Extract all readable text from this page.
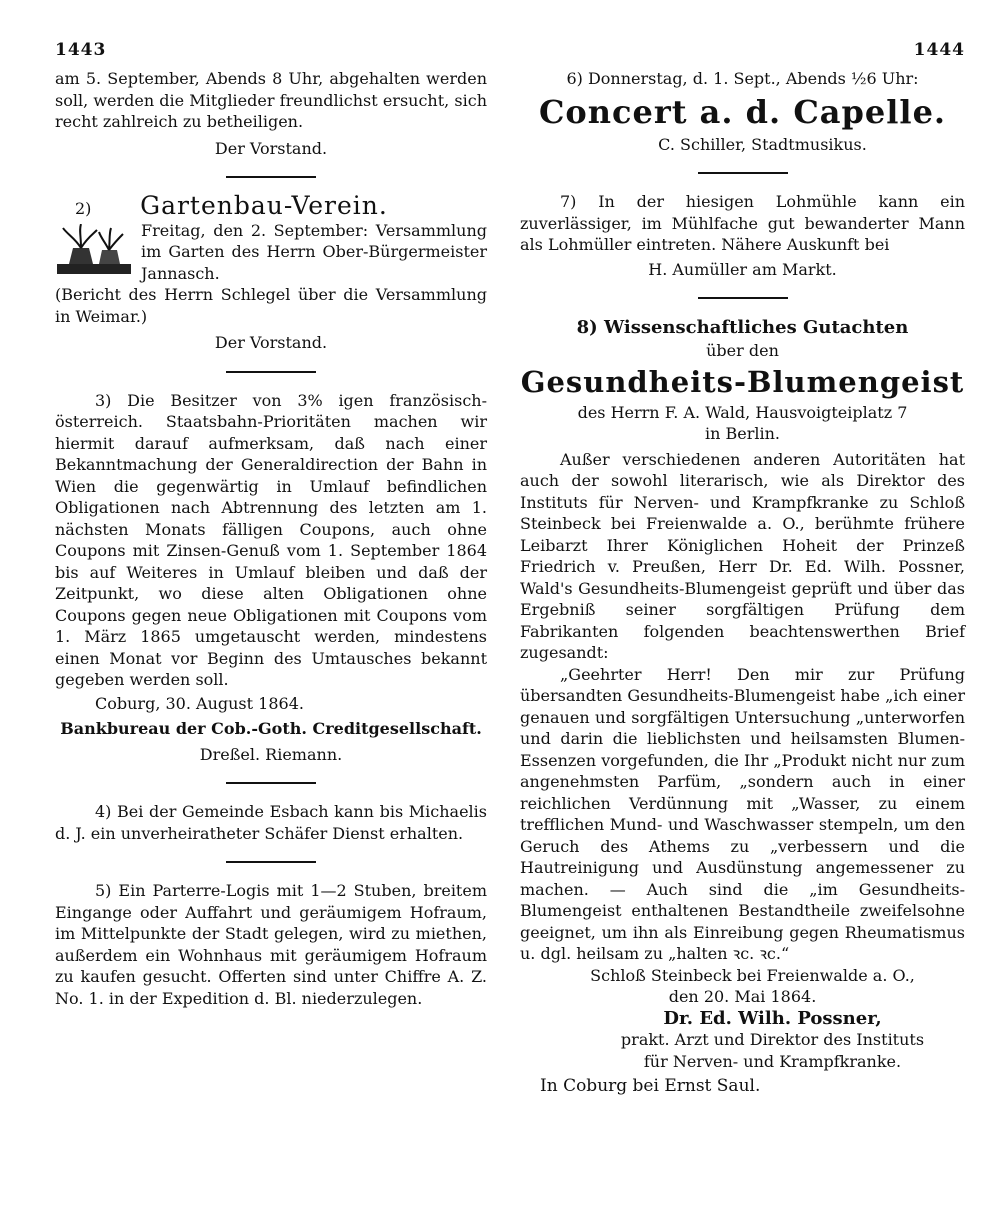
1443

am 5. September, Abends 8 Uhr, abgehalten werden soll, werden die Mitglieder freundlichst ersucht, sich recht zahlreich zu betheiligen.

Der Vorstand.

2) Gartenbau-Verein.

Freitag, den 2. September: Versammlung im Garten des Herrn Ober-Bürgermeister Jannasch.

(Bericht des Herrn Schlegel über die Versammlung in Weimar.)

Der Vorstand.

3) Die Besitzer von 3% igen französisch-österreich. Staatsbahn-Prioritäten machen wir hiermit darauf aufmerksam, daß nach einer Bekanntmachung der Generaldirection der Bahn in Wien die gegenwärtig in Umlauf befindlichen Obligationen nach Abtrennung des letzten am 1. nächsten Monats fälligen Coupons, auch ohne Coupons mit Zinsen-Genuß vom 1. September 1864 bis auf Weiteres in Umlauf bleiben und daß der Zeitpunkt, wo diese alten Obligationen ohne Coupons gegen neue Obligationen mit Coupons vom 1. März 1865 umgetauscht werden, mindestens einen Monat vor Beginn des Umtausches bekannt gegeben werden soll.

Coburg, 30. August 1864.

Bankbureau der Cob.-Goth. Creditgesellschaft.

Dreßel. Riemann.

4) Bei der Gemeinde Esbach kann bis Michaelis d. J. ein unverheiratheter Schäfer Dienst erhalten.

5) Ein Parterre-Logis mit 1—2 Stuben, breitem Eingange oder Auffahrt und geräumigem Hofraum, im Mittelpunkte der Stadt gelegen, wird zu miethen, außerdem ein Wohnhaus mit geräumigem Hofraum zu kaufen gesucht. Offerten sind unter Chiffre A. Z. No. 1. in der Expedition d. Bl. niederzulegen.

1444

6) Donnerstag, d. 1. Sept., Abends ½6 Uhr:

Concert a. d. Capelle.

C. Schiller, Stadtmusikus.

7) In der hiesigen Lohmühle kann ein zuverlässiger, im Mühlfache gut bewanderter Mann als Lohmüller eintreten. Nähere Auskunft bei

H. Aumüller am Markt.

8) Wissenschaftliches Gutachten

über den

Gesundheits-Blumengeist

des Herrn F. A. Wald, Hausvoigteiplatz 7

in Berlin.

Außer verschiedenen anderen Autoritäten hat auch der sowohl literarisch, wie als Direktor des Instituts für Nerven- und Krampfkranke zu Schloß Steinbeck bei Freienwalde a. O., berühmte frühere Leibarzt Ihrer Königlichen Hoheit der Prinzeß Friedrich v. Preußen, Herr Dr. Ed. Wilh. Possner, Wald's Gesundheits-Blumengeist geprüft und über das Ergebniß seiner sorgfältigen Prüfung dem Fabrikanten folgenden beachtenswerthen Brief zugesandt:

„Geehrter Herr! Den mir zur Prüfung übersandten Gesundheits-Blumengeist habe „ich einer genauen und sorgfältigen Untersuchung „unterworfen und darin die lieblichsten und heilsamsten Blumen-Essenzen vorgefunden, die Ihr „Produkt nicht nur zum angenehmsten Parfüm, „sondern auch in einer reichlichen Verdünnung mit „Wasser, zu einem trefflichen Mund- und Waschwasser stempeln, um den Geruch des Athems zu „verbessern und die Hautreinigung und Ausdünstung angemessener zu machen. — Auch sind die „im Gesundheits-Blumengeist enthaltenen Bestandtheile zweifelsohne geeignet, um ihn als Einreibung gegen Rheumatismus u. dgl. heilsam zu „halten ꝛc. ꝛc.“

Schloß Steinbeck bei Freienwalde a. O.,

den 20. Mai 1864.

Dr. Ed. Wilh. Possner,

prakt. Arzt und Direktor des Instituts

für Nerven- und Krampfkranke.

In Coburg bei Ernst Saul.
